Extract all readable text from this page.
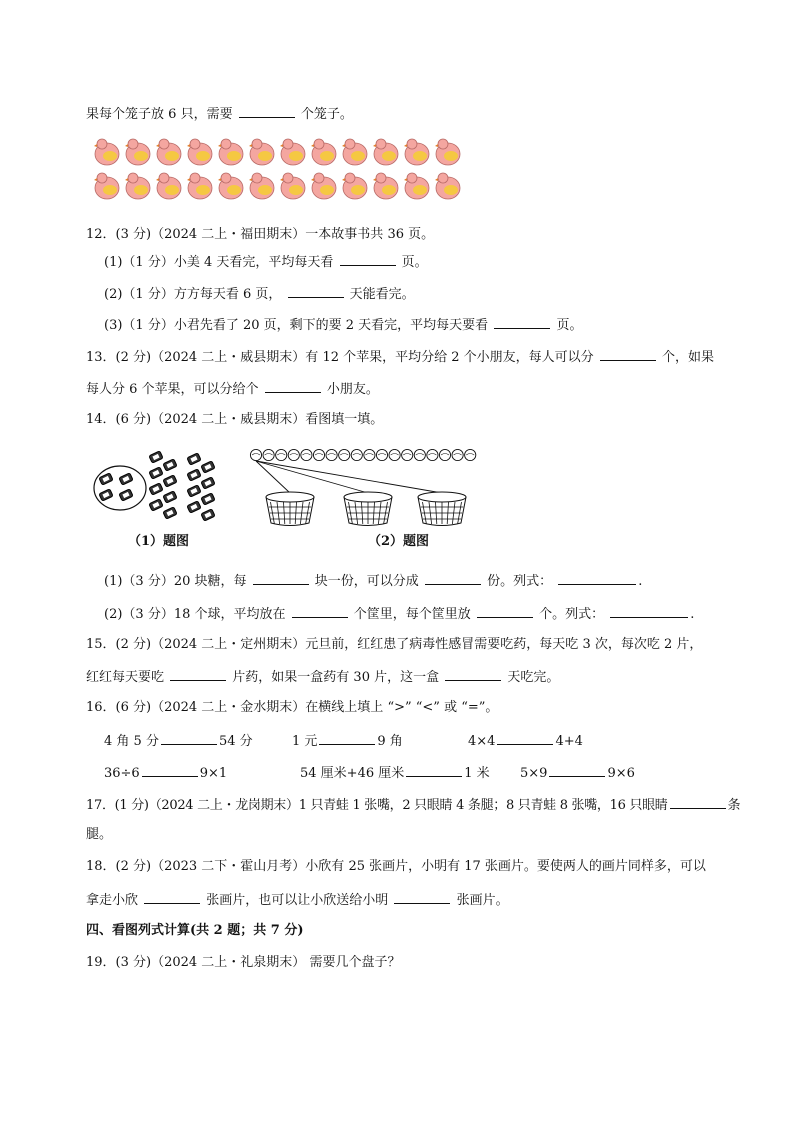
果每个笼子放 6 只，需要	个笼子。
12．(3 分)（2024 二上・福田期末）一本故事书共 36 页。
(1)（1 分）小美 4 天看完，平均每天看	页。
(2)（1 分）方方每天看 6 页，	天能看完。
(3)（1 分）小君先看了 20 页，剩下的要 2 天看完，平均每天要看	页。
13．(2 分)（2024 二上・威县期末）有 12 个苹果，平均分给 2 个小朋友，每人可以分	个，如果
每人分 6 个苹果，可以分给个	小朋友。
14．(6 分)（2024 二上・威县期末）看图填一填。
（1）题图	（2）题图
(1)（3 分）20 块糖，每	块一份，可以分成	份。列式：	.
(2)（3 分）18 个球，平均放在	个筐里，每个筐里放	个。列式：	.
15．(2 分)（2024 二上・定州期末）元旦前，红红患了病毒性感冒需要吃药，每天吃 3 次，每次吃 2 片，
红红每天要吃	片药，如果一盒药有 30 片，这一盒	天吃完。
16．(6 分)（2024 二上・金水期末）在横线上填上 “>” “<” 或 “=”。
4 角 5 分	54 分	1 元	9 角	4×4	4+4
36÷6	9×1	54 厘米+46 厘米	1 米 5×9	9×6
17．(1 分)（2024 二上・龙岗期末）1 只青蛙 1 张嘴，2 只眼睛 4 条腿；8 只青蛙 8 张嘴，16 只眼睛	条
腿。
18．(2 分)（2023 二下・霍山月考）小欣有 25 张画片，小明有 17 张画片。要使两人的画片同样多，可以
拿走小欣	张画片，也可以让小欣送给小明	张画片。
四、看图列式计算(共 2 题；共 7 分)
19．(3 分)（2024 二上・礼泉期末） 需要几个盘子？
